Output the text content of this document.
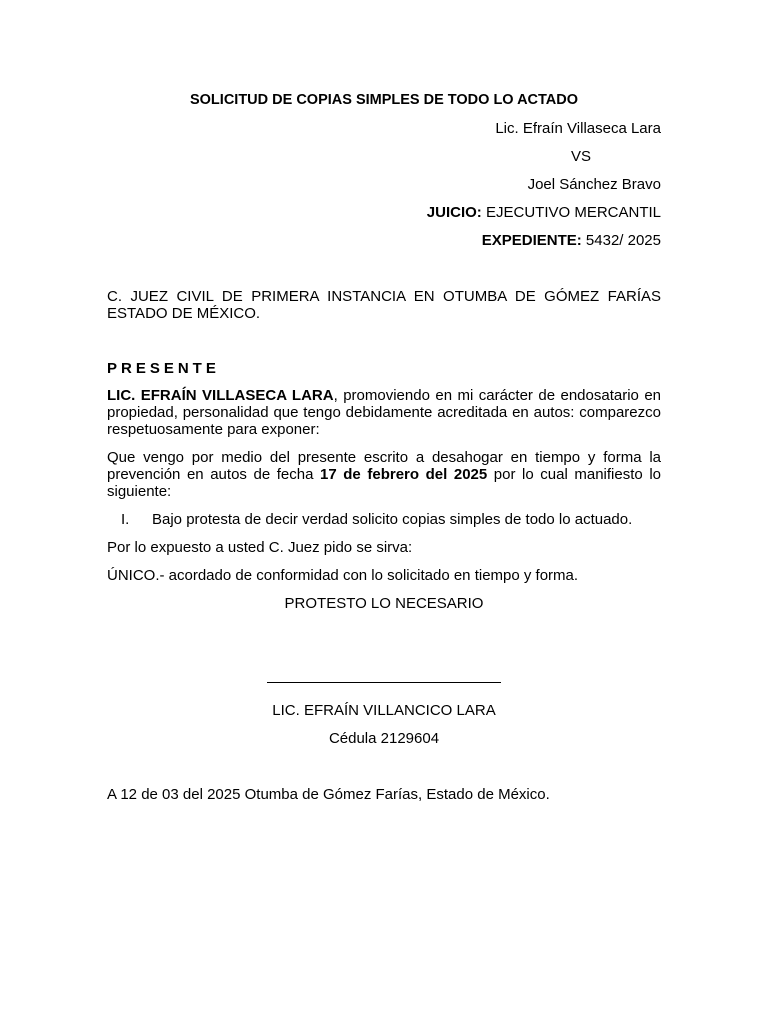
SOLICITUD DE COPIAS SIMPLES DE TODO LO ACTADO

Lic. Efraín Villaseca Lara

VS

Joel Sánchez Bravo

JUICIO: EJECUTIVO MERCANTIL

EXPEDIENTE: 5432/ 2025

C. JUEZ CIVIL DE PRIMERA INSTANCIA EN OTUMBA DE GÓMEZ FARÍAS ESTADO DE MÉXICO.

PRESENTE

LIC. EFRAÍN VILLASECA LARA, promoviendo en mi carácter de endosatario en propiedad, personalidad que tengo debidamente acreditada en autos: comparezco respetuosamente para exponer:

Que vengo por medio del presente escrito a desahogar en tiempo y forma la prevención en autos de fecha 17 de febrero del 2025 por lo cual manifiesto lo siguiente:

I.	Bajo protesta de decir verdad solicito copias simples de todo lo actuado.

Por lo expuesto a usted C. Juez pido se sirva:

ÚNICO.- acordado de conformidad con lo solicitado en tiempo y forma.

PROTESTO LO NECESARIO

LIC. EFRAÍN VILLANCICO LARA

Cédula 2129604

A 12 de 03 del 2025 Otumba de Gómez Farías, Estado de México.
